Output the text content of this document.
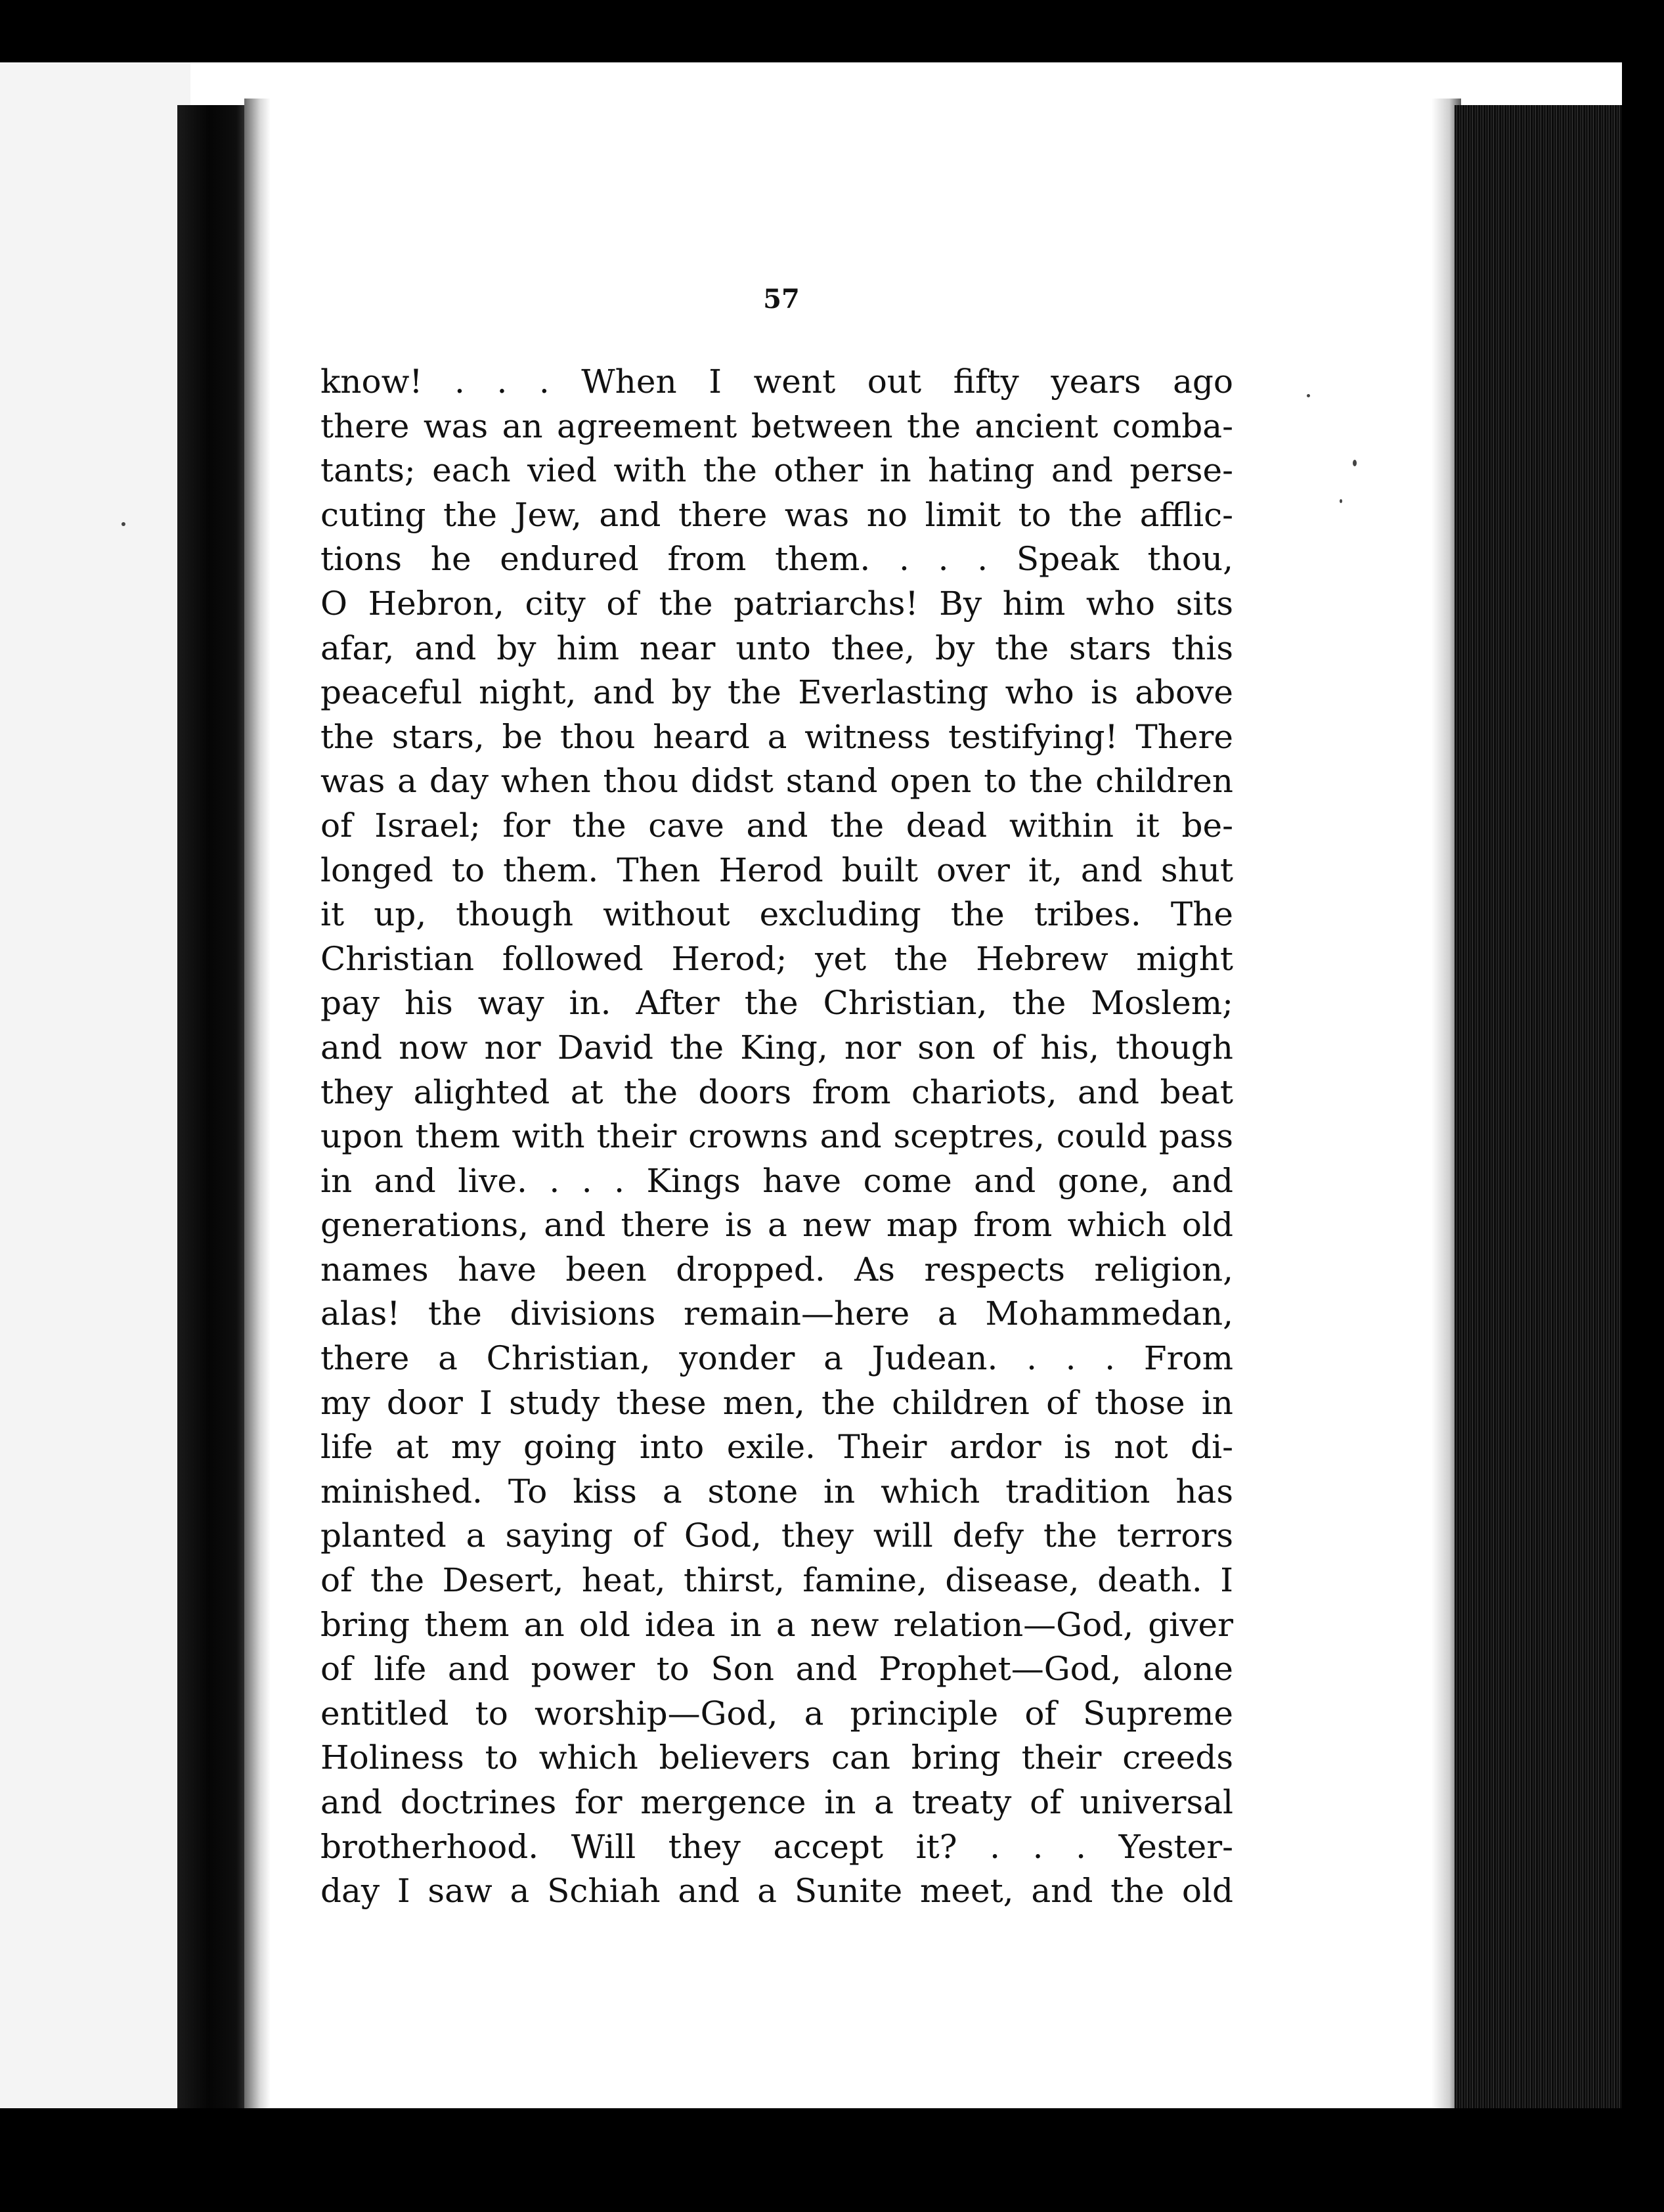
57
know! . . . When I went out fifty years ago
there was an agreement between the ancient comba-
tants; each vied with the other in hating and perse-
cuting the Jew, and there was no limit to the afflic-
tions he endured from them. . . . Speak thou,
O Hebron, city of the patriarchs! By him who sits
afar, and by him near unto thee, by the stars this
peaceful night, and by the Everlasting who is above
the stars, be thou heard a witness testifying! There
was a day when thou didst stand open to the children
of Israel; for the cave and the dead within it be-
longed to them. Then Herod built over it, and shut
it up, though without excluding the tribes. The
Christian followed Herod; yet the Hebrew might
pay his way in. After the Christian, the Moslem;
and now nor David the King, nor son of his, though
they alighted at the doors from chariots, and beat
upon them with their crowns and sceptres, could pass
in and live. . . . Kings have come and gone, and
generations, and there is a new map from which old
names have been dropped. As respects religion,
alas! the divisions remain—here a Mohammedan,
there a Christian, yonder a Judean. . . . From
my door I study these men, the children of those in
life at my going into exile. Their ardor is not di-
minished. To kiss a stone in which tradition has
planted a saying of God, they will defy the terrors
of the Desert, heat, thirst, famine, disease, death. I
bring them an old idea in a new relation—God, giver
of life and power to Son and Prophet—God, alone
entitled to worship—God, a principle of Supreme
Holiness to which believers can bring their creeds
and doctrines for mergence in a treaty of universal
brotherhood. Will they accept it? . . . Yester-
day I saw a Schiah and a Sunite meet, and the old
